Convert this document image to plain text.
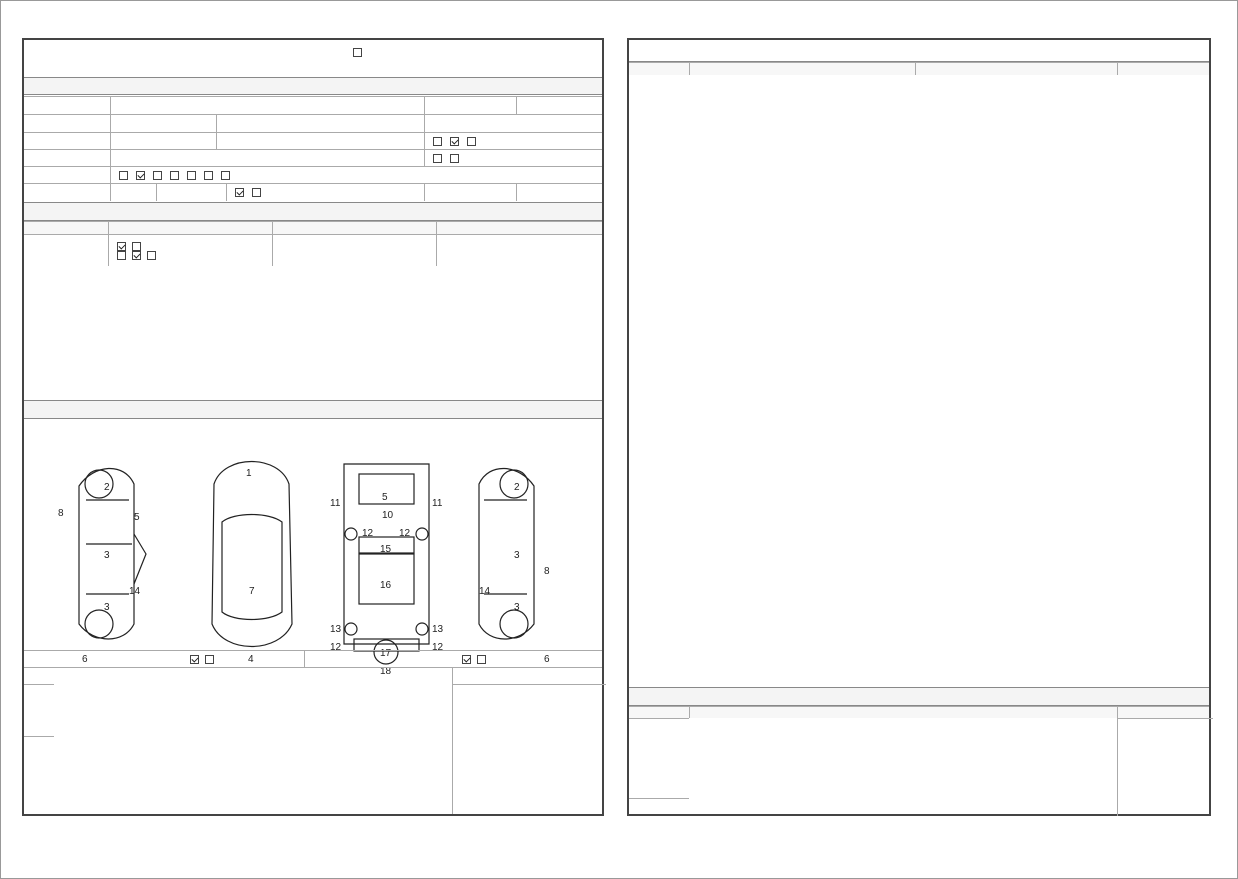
2
3
3
6
14
5
8
1
7
4
5
10
11	11
12	12
15
16
13	13
17
18
12	12
2
3
3
6
14
8
